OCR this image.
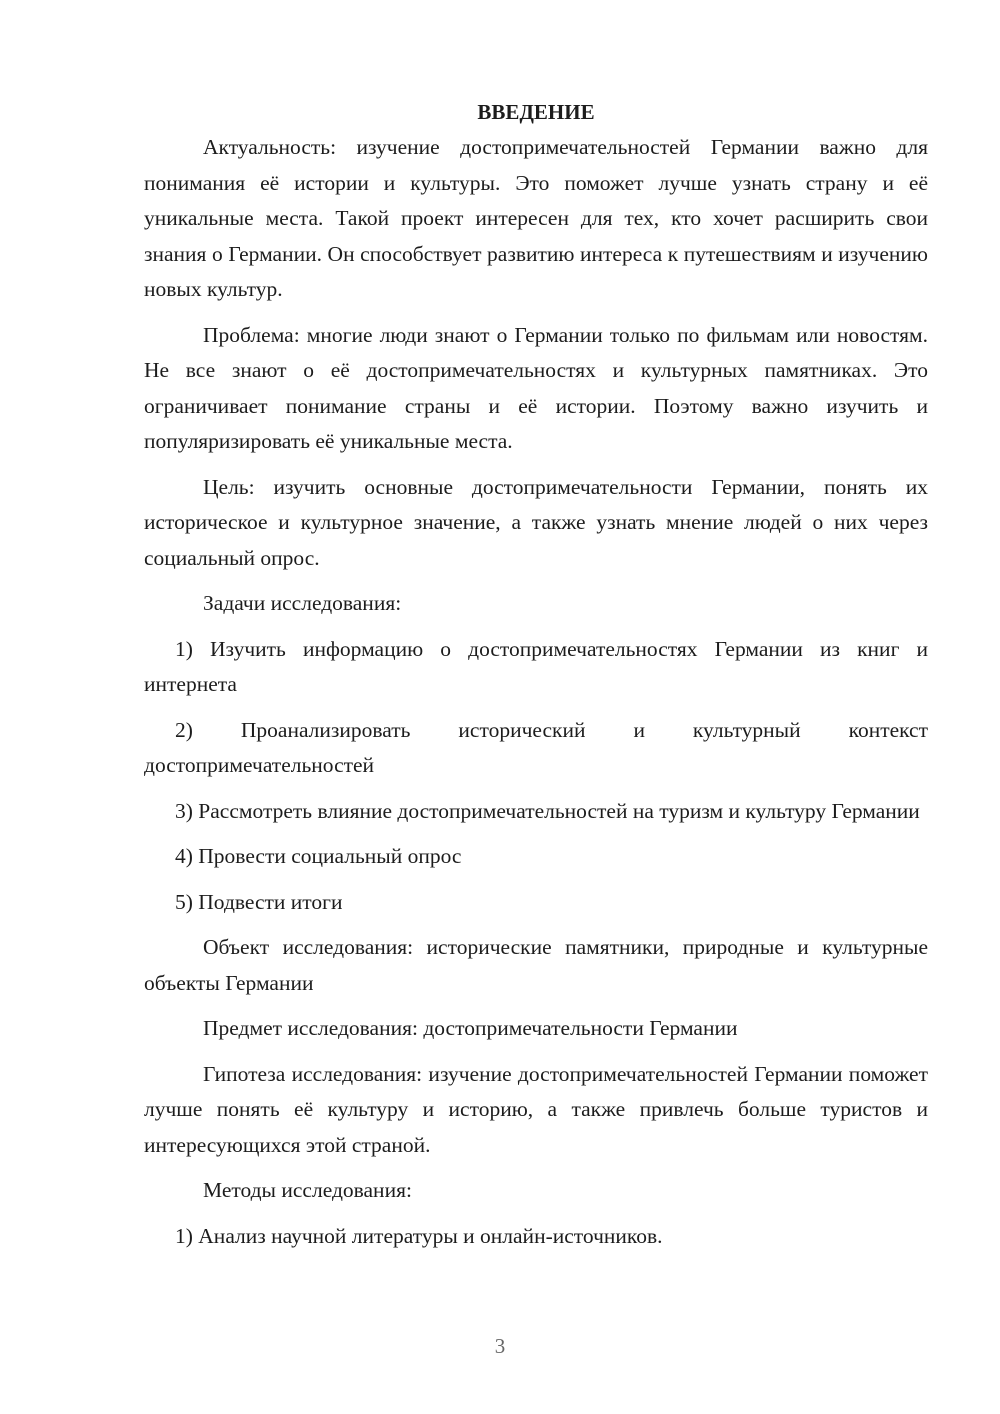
ВВЕДЕНИЕ

Актуальность: изучение достопримечательностей Германии важно для понимания её истории и культуры. Это поможет лучше узнать страну и её уникальные места. Такой проект интересен для тех, кто хочет расширить свои знания о Германии. Он способствует развитию интереса к путешествиям и изучению новых культур.

Проблема: многие люди знают о Германии только по фильмам или новостям. Не все знают о её достопримечательностях и культурных памятниках. Это ограничивает понимание страны и её истории. Поэтому важно изучить и популяризировать её уникальные места.

Цель: изучить основные достопримечательности Германии, понять их историческое и культурное значение, а также узнать мнение людей о них через социальный опрос.

Задачи исследования:

1) Изучить информацию о достопримечательностях Германии из книг и интернета

2) Проанализировать исторический и культурный контекст достопримечательностей

3) Рассмотреть влияние достопримечательностей на туризм и культуру Германии

4) Провести социальный опрос

5) Подвести итоги

Объект исследования: исторические памятники, природные и культурные объекты Германии

Предмет исследования: достопримечательности Германии

Гипотеза исследования: изучение достопримечательностей Германии поможет лучше понять её культуру и историю, а также привлечь больше туристов и интересующихся этой страной.

Методы исследования:

1) Анализ научной литературы и онлайн-источников.

3
